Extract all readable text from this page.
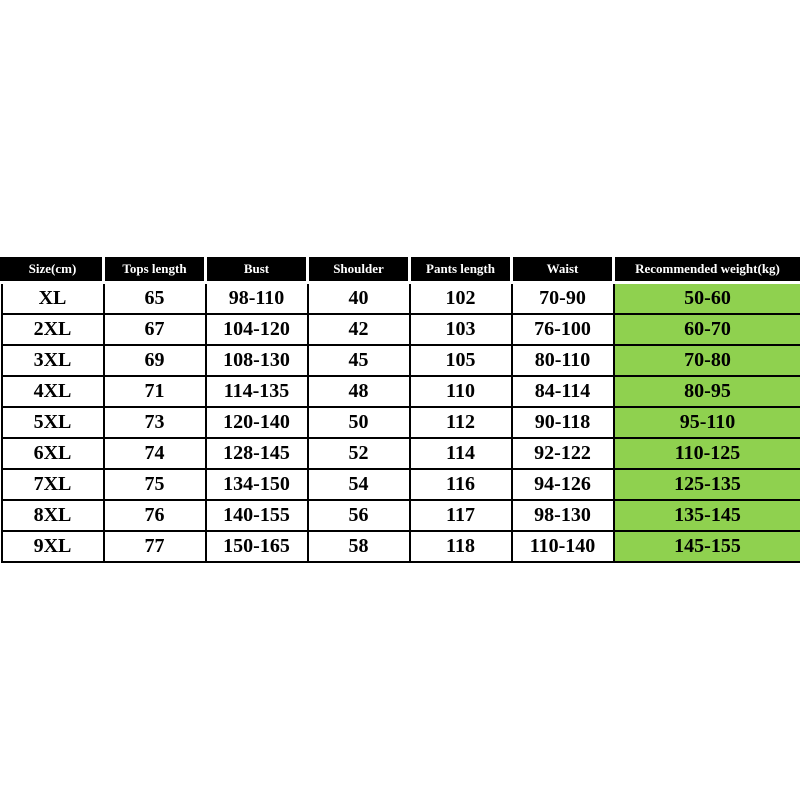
Size(cm)	Tops length	Bust	Shoulder	Pants length	Waist	Recommended weight(kg)
XL	65	98-110	40	102	70-90	50-60
2XL	67	104-120	42	103	76-100	60-70
3XL	69	108-130	45	105	80-110	70-80
4XL	71	114-135	48	110	84-114	80-95
5XL	73	120-140	50	112	90-118	95-110
6XL	74	128-145	52	114	92-122	110-125
7XL	75	134-150	54	116	94-126	125-135
8XL	76	140-155	56	117	98-130	135-145
9XL	77	150-165	58	118	110-140	145-155
